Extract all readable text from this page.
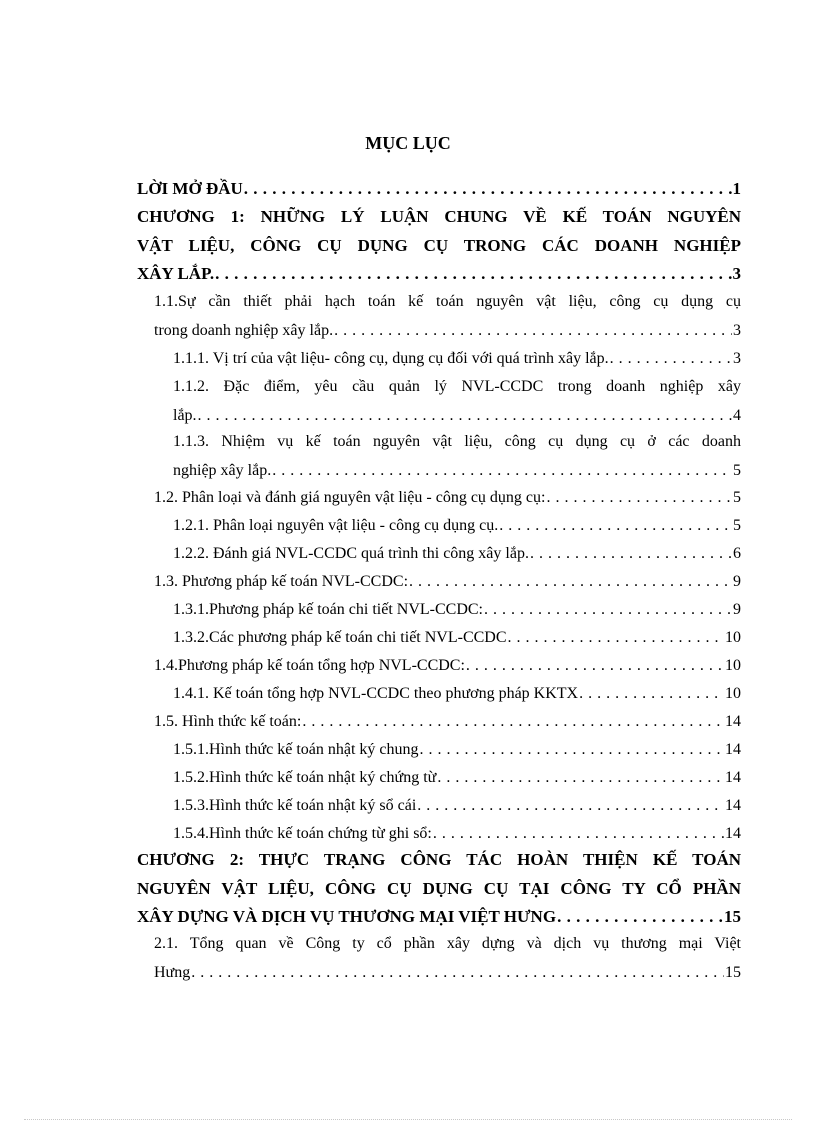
MỤC LỤC
LỜI MỞ ĐẦU . . .	1
CHƯƠNG 1: NHỮNG LÝ LUẬN CHUNG VỀ KẾ TOÁN NGUYÊN
VẬT LIỆU, CÔNG CỤ DỤNG CỤ TRONG CÁC DOANH NGHIỆP
XÂY LẮP. . . .	3
1.1.Sự cần thiết phải hạch toán kế toán nguyên vật liệu, công cụ dụng cụ
trong doanh nghiệp xây lắp. . . .	3
1.1.1. Vị trí của vật liệu- công cụ, dụng cụ đối với quá trình xây lắp. . . .	3
1.1.2. Đặc điểm, yêu cầu quản lý NVL-CCDC trong doanh nghiệp xây
lắp. . . .	4
1.1.3. Nhiệm vụ kế toán nguyên vật liệu, công cụ dụng cụ ở các doanh
nghiệp xây lắp. . . .	5
1.2. Phân loại và đánh giá nguyên vật liệu - công cụ dụng cụ: . . .	5
1.2.1. Phân loại nguyên vật liệu - công cụ dụng cụ. . . .	5
1.2.2. Đánh giá NVL-CCDC quá trình thi công xây lắp. . . .	6
1.3. Phương pháp kế toán NVL-CCDC: . . .	9
1.3.1.Phương pháp kế toán chi tiết NVL-CCDC: . . .	9
1.3.2.Các phương pháp kế toán chi tiết NVL-CCDC . . .	10
1.4.Phương pháp kế toán tổng hợp NVL-CCDC: . . .	10
1.4.1. Kế toán tổng hợp NVL-CCDC theo phương pháp KKTX . . .	10
1.5. Hình thức kế toán: . . .	14
1.5.1.Hình thức kế toán nhật ký chung . . .	14
1.5.2.Hình thức kế toán nhật ký chứng từ . . .	14
1.5.3.Hình thức kế toán nhật ký sổ cái . . .	14
1.5.4.Hình thức kế toán chứng từ ghi sổ: . . .	14
CHƯƠNG 2: THỰC TRẠNG CÔNG TÁC HOÀN THIỆN KẾ TOÁN
NGUYÊN VẬT LIỆU, CÔNG CỤ DỤNG CỤ TẠI CÔNG TY CỔ PHẦN
XÂY DỰNG VÀ DỊCH VỤ THƯƠNG MẠI VIỆT HƯNG . . .	15
2.1. Tổng quan về Công ty cổ phần xây dựng và dịch vụ thương mại Việt
Hưng . . .	15
